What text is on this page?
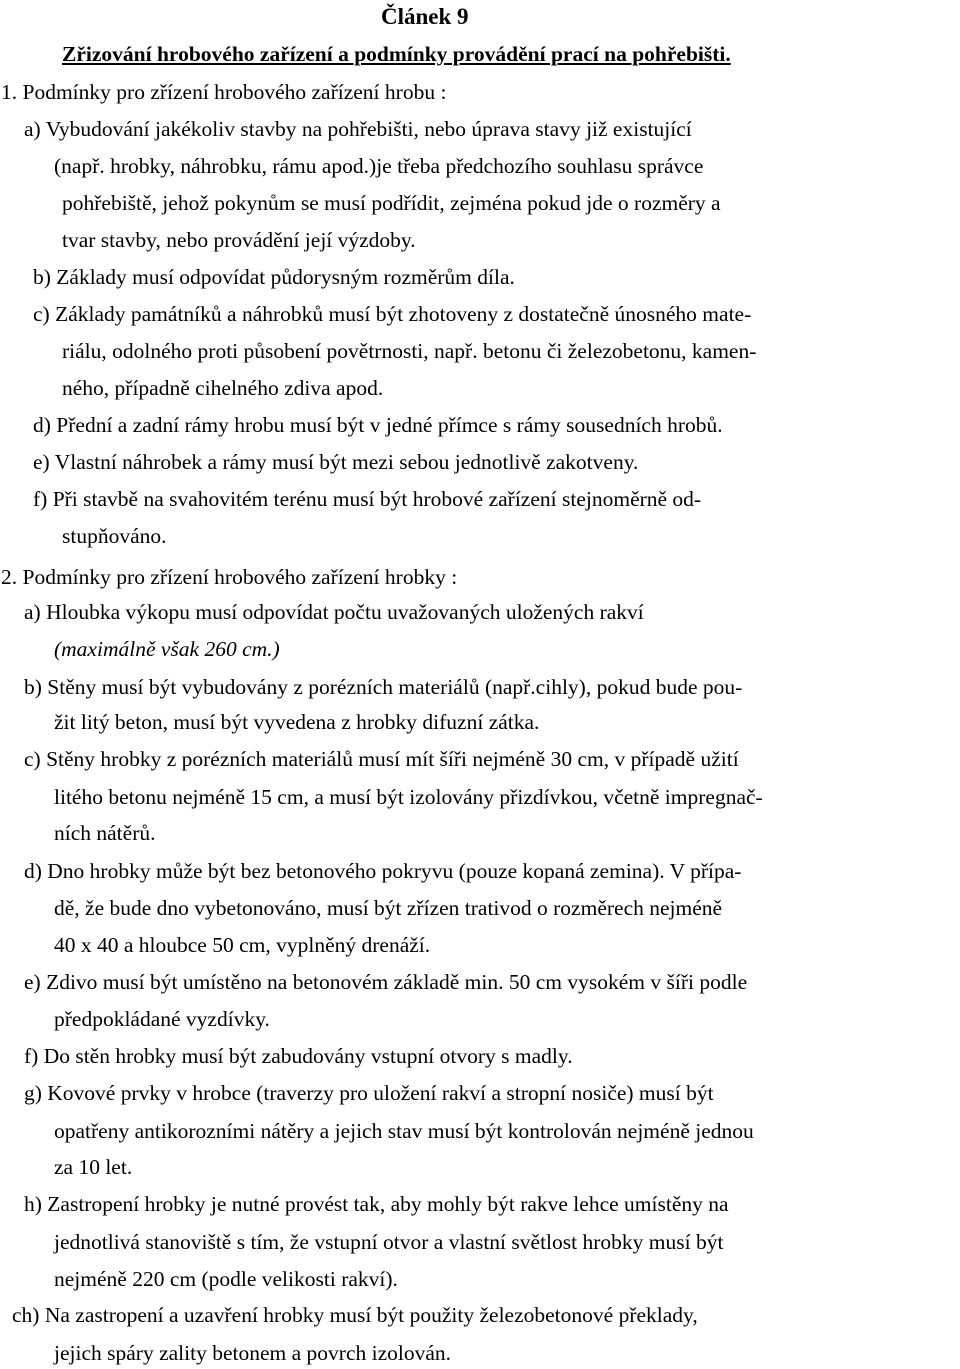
Článek 9
Zřizování hrobového zařízení a podmínky provádění prací na pohřebišti.
1. Podmínky pro zřízení hrobového zařízení hrobu :
a) Vybudování jakékoliv stavby na pohřebišti, nebo úprava stavy již existující
(např. hrobky, náhrobku, rámu apod.)je třeba předchozího souhlasu správce
pohřebiště, jehož pokynům se musí podřídit, zejména pokud jde o rozměry a
tvar stavby, nebo provádění její výzdoby.
b) Základy musí odpovídat půdorysným rozměrům díla.
c) Základy památníků a náhrobků musí být zhotoveny z dostatečně únosného mate-
riálu, odolného proti působení povětrnosti, např. betonu či železobetonu, kamen-
ného, případně cihelného zdiva apod.
d) Přední a zadní rámy hrobu musí být v jedné přímce s rámy sousedních hrobů.
e) Vlastní náhrobek a rámy musí být mezi sebou jednotlivě zakotveny.
f) Při stavbě na svahovitém terénu musí být hrobové zařízení stejnoměrně od-
stupňováno.
2. Podmínky pro zřízení hrobového zařízení hrobky :
a) Hloubka výkopu musí odpovídat počtu uvažovaných uložených rakví
(maximálně však 260 cm.)
b) Stěny musí být vybudovány z porézních materiálů (např.cihly), pokud bude pou-
žit litý beton, musí být vyvedena z hrobky difuzní zátka.
c) Stěny hrobky z porézních materiálů musí mít šíři nejméně 30 cm, v případě užití
litého betonu nejméně 15 cm, a musí být izolovány přizdívkou, včetně impregnač-
ních nátěrů.
d) Dno hrobky může být bez betonového pokryvu (pouze kopaná zemina). V přípa-
dě, že bude dno vybetonováno, musí být zřízen trativod o rozměrech nejméně
40 x 40 a hloubce 50 cm, vyplněný drenáží.
e) Zdivo musí být umístěno na betonovém základě min. 50 cm vysokém v šíři podle
předpokládané vyzdívky.
f) Do stěn hrobky musí být zabudovány vstupní otvory s madly.
g) Kovové prvky v hrobce (traverzy pro uložení rakví a stropní nosiče) musí být
opatřeny antikorozními nátěry a jejich stav musí být kontrolován nejméně jednou
za 10 let.
h) Zastropení hrobky je nutné provést tak, aby mohly být rakve lehce umístěny na
jednotlivá stanoviště s tím, že vstupní otvor a vlastní světlost hrobky musí být
nejméně 220 cm (podle velikosti rakví).
ch) Na zastropení a uzavření hrobky musí být použity železobetonové překlady,
jejich spáry zality betonem a povrch izolován.
